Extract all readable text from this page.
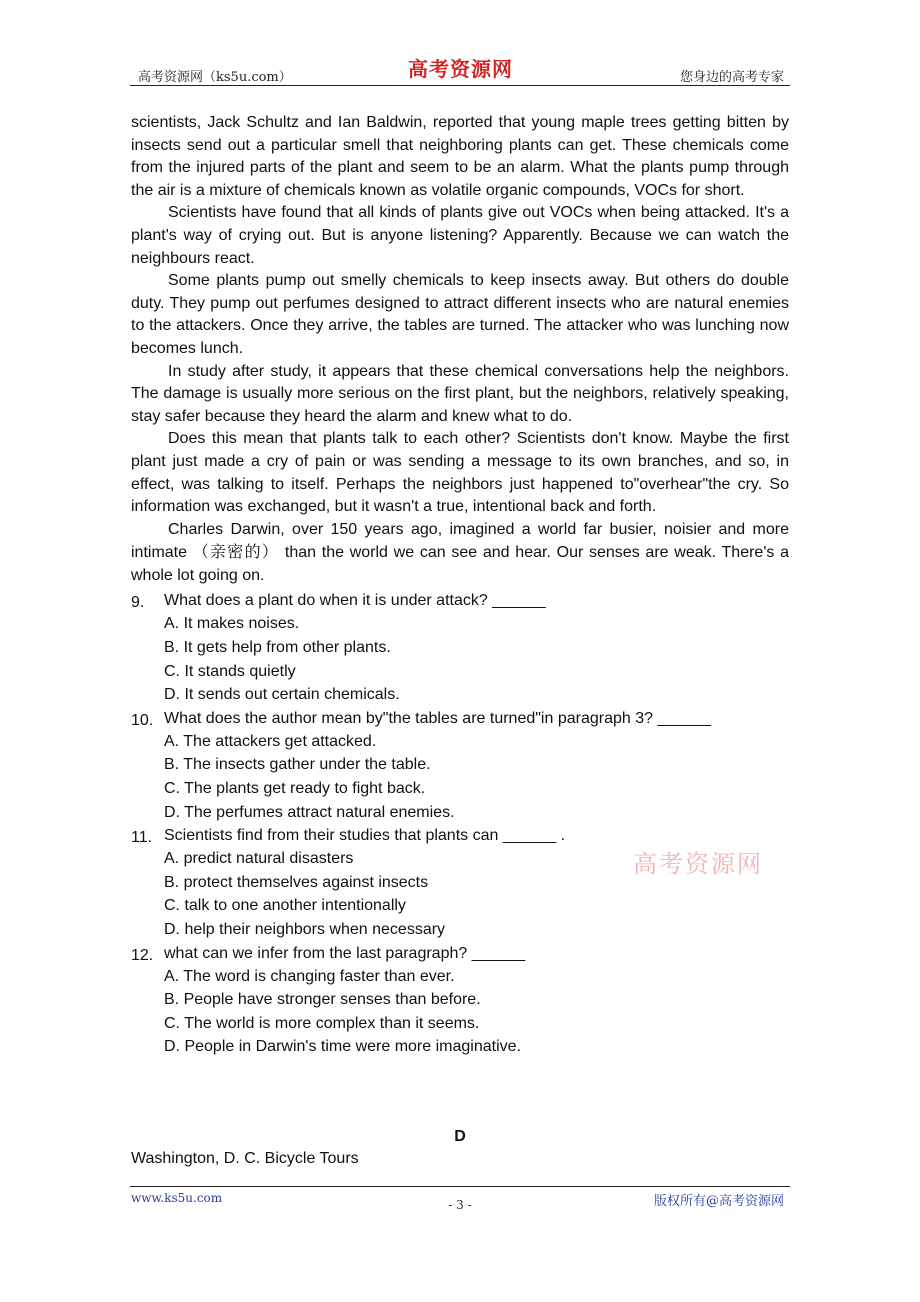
高考资源网（ks5u.com）	高考资源网	您身边的高考专家

scientists, Jack Schultz and Ian Baldwin, reported that young maple trees getting bitten by insects send out a particular smell that neighboring plants can get. These chemicals come from the injured parts of the plant and seem to be an alarm. What the plants pump through the air is a mixture of chemicals known as volatile organic compounds, VOCs for short.

Scientists have found that all kinds of plants give out VOCs when being attacked. It's a plant's way of crying out. But is anyone listening? Apparently. Because we can watch the neighbours react.

Some plants pump out smelly chemicals to keep insects away. But others do double duty. They pump out perfumes designed to attract different insects who are natural enemies to the attackers. Once they arrive, the tables are turned. The attacker who was lunching now becomes lunch.

In study after study, it appears that these chemical conversations help the neighbors. The damage is usually more serious on the first plant, but the neighbors, relatively speaking, stay safer because they heard the alarm and knew what to do.

Does this mean that plants talk to each other? Scientists don't know. Maybe the first plant just made a cry of pain or was sending a message to its own branches, and so, in effect, was talking to itself. Perhaps the neighbors just happened to"overhear"the cry. So information was exchanged, but it wasn't a true, intentional back and forth.

Charles Darwin, over 150 years ago, imagined a world far busier, noisier and more intimate （亲密的） than the world we can see and hear. Our senses are weak. There's a whole lot going on.

9. What does a plant do when it is under attack? ______
A. It makes noises.
B. It gets help from other plants.
C. It stands quietly
D. It sends out certain chemicals.
10. What does the author mean by"the tables are turned"in paragraph 3? ______
A. The attackers get attacked.
B. The insects gather under the table.
C. The plants get ready to fight back.
D. The perfumes attract natural enemies.
11. Scientists find from their studies that plants can ______ .
A. predict natural disasters
B. protect themselves against insects
C. talk to one another intentionally
D. help their neighbors when necessary
12. what can we infer from the last paragraph? ______
A. The word is changing faster than ever.
B. People have stronger senses than before.
C. The world is more complex than it seems.
D. People in Darwin's time were more imaginative.
高考资源网
D
Washington, D. C. Bicycle Tours
www.ks5u.com	- 3 -	版权所有@高考资源网
